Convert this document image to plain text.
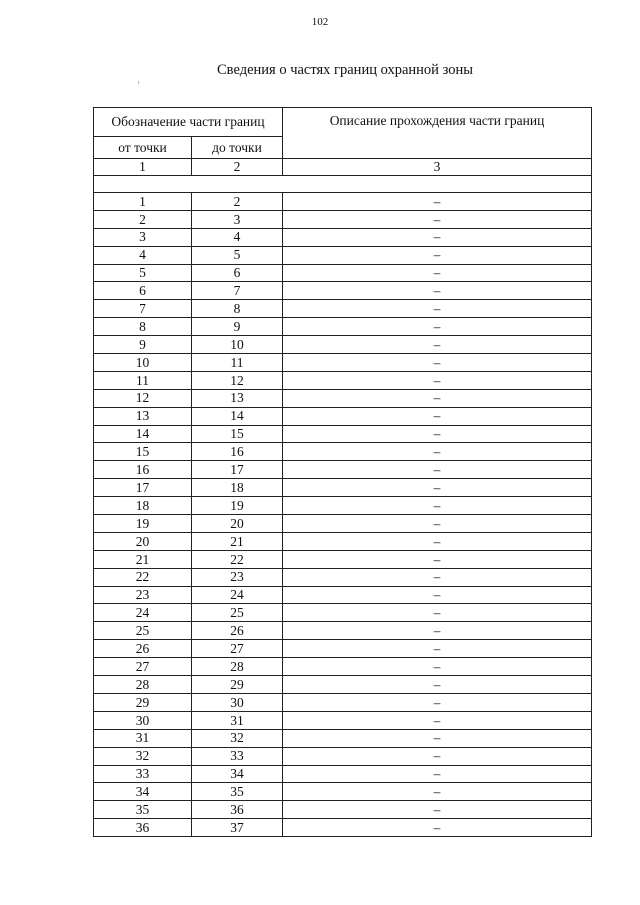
102
Сведения о частях границ охранной зоны
Обозначение части границ		Описание прохождения части границ
от точки	до точки	
1	2	3

1	2	–
2	3	–
3	4	–
4	5	–
5	6	–
6	7	–
7	8	–
8	9	–
9	10	–
10	11	–
11	12	–
12	13	–
13	14	–
14	15	–
15	16	–
16	17	–
17	18	–
18	19	–
19	20	–
20	21	–
21	22	–
22	23	–
23	24	–
24	25	–
25	26	–
26	27	–
27	28	–
28	29	–
29	30	–
30	31	–
31	32	–
32	33	–
33	34	–
34	35	–
35	36	–
36	37	–
